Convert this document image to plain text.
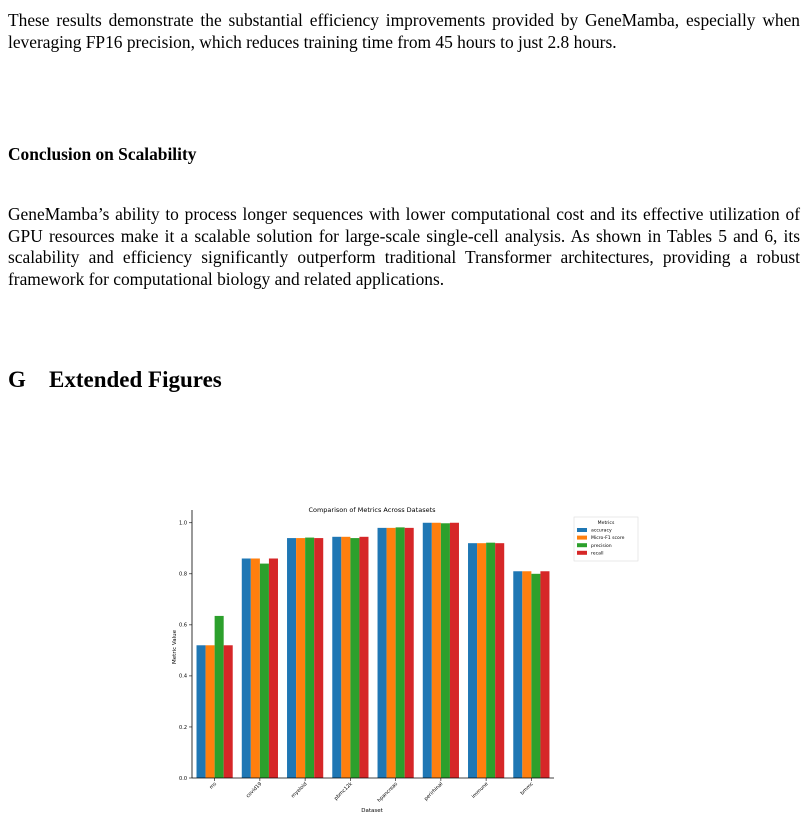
These results demonstrate the substantial efficiency improvements provided by GeneMamba, especially when leveraging FP16 precision, which reduces training time from 45 hours to just 2.8 hours.

Conclusion on Scalability

GeneMamba’s ability to process longer sequences with lower computational cost and its effective utilization of GPU resources make it a scalable solution for large-scale single-cell analysis. As shown in Tables 5 and 6, its scalability and efficiency significantly outperform traditional Transformer architectures, providing a robust framework for computational biology and related applications.

G Extended Figures
Comparison of Metrics Across Datasets
Metric Value
Dataset
ms	covid19	myeloid	pbmc12k	hpancreas	perirhinal	immune	bmmc
0.0
0.2
0.4
0.6
0.8
1.0	Metrics
accuracy
Micro-F1 score
precision
recall
